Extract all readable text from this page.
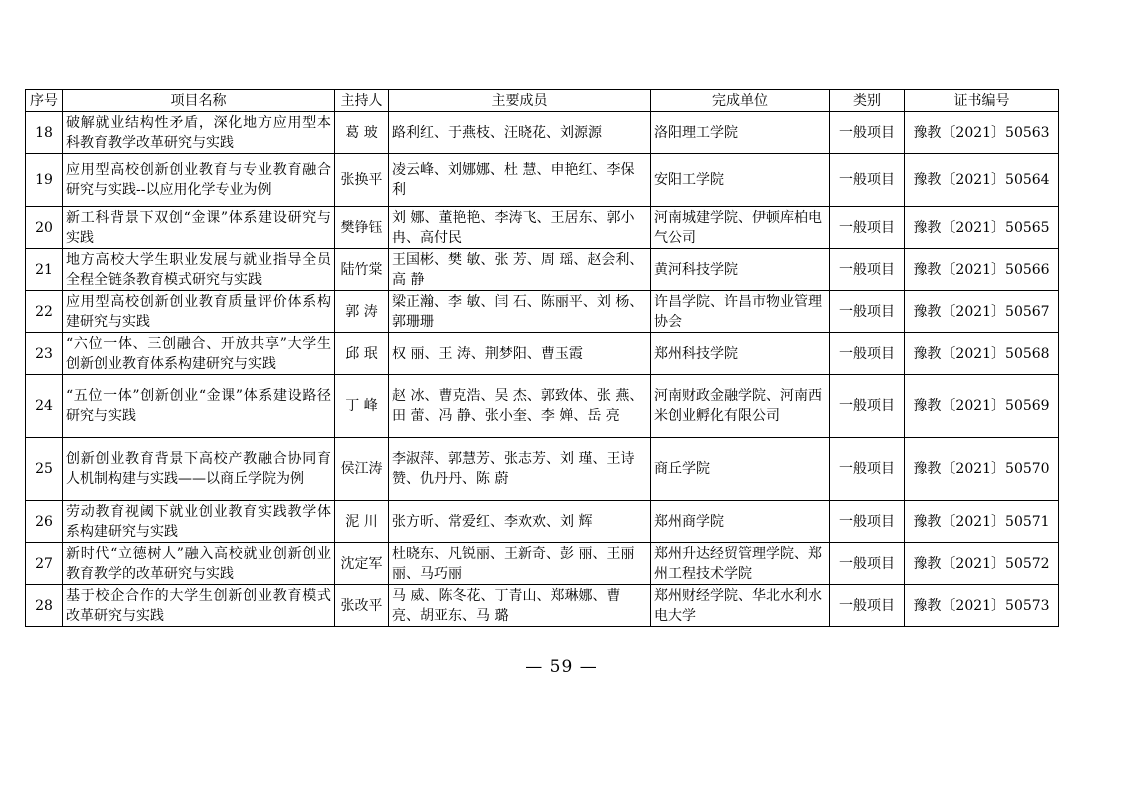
序号	项目名称	主持人	主要成员	完成单位	类别	证书编号
18	破解就业结构性矛盾，深化地方应用型本科教育教学改革研究与实践	葛 玻	路利红、于燕枝、汪晓花、刘源源	洛阳理工学院	一般项目	豫教〔2021〕50563
19	应用型高校创新创业教育与专业教育融合研究与实践--以应用化学专业为例	张换平	凌云峰、刘娜娜、杜 慧、申艳红、李保利	安阳工学院	一般项目	豫教〔2021〕50564
20	新工科背景下双创“金课”体系建设研究与实践	樊铮钰	刘 娜、董艳艳、李涛飞、王居东、郭小冉、高付民	河南城建学院、伊顿库柏电气公司	一般项目	豫教〔2021〕50565
21	地方高校大学生职业发展与就业指导全员全程全链条教育模式研究与实践	陆竹棠	王国彬、樊 敏、张 芳、周 瑶、赵会利、高 静	黄河科技学院	一般项目	豫教〔2021〕50566
22	应用型高校创新创业教育质量评价体系构建研究与实践	郭 涛	梁正瀚、李 敏、闫 石、陈丽平、刘 杨、郭珊珊	许昌学院、许昌市物业管理协会	一般项目	豫教〔2021〕50567
23	“六位一体、三创融合、开放共享”大学生创新创业教育体系构建研究与实践	邱 珉	权 丽、王 涛、荆梦阳、曹玉霞	郑州科技学院	一般项目	豫教〔2021〕50568
24	“五位一体”创新创业“金课”体系建设路径研究与实践	丁 峰	赵 冰、曹克浩、吴 杰、郭致体、张 燕、田 蕾、冯 静、张小奎、李 婵、岳 亮	河南财政金融学院、河南西米创业孵化有限公司	一般项目	豫教〔2021〕50569
25	创新创业教育背景下高校产教融合协同育人机制构建与实践——以商丘学院为例	侯江涛	李淑萍、郭慧芳、张志芳、刘 瑾、王诗赞、仇丹丹、陈 蔚	商丘学院	一般项目	豫教〔2021〕50570
26	劳动教育视阈下就业创业教育实践教学体系构建研究与实践	泥 川	张方昕、常爱红、李欢欢、刘 辉	郑州商学院	一般项目	豫教〔2021〕50571
27	新时代“立德树人”融入高校就业创新创业教育教学的改革研究与实践	沈定军	杜晓东、凡锐丽、王新奇、彭 丽、王丽丽、马巧丽	郑州升达经贸管理学院、郑州工程技术学院	一般项目	豫教〔2021〕50572
28	基于校企合作的大学生创新创业教育模式改革研究与实践	张改平	马 威、陈冬花、丁青山、郑琳娜、曹 亮、胡亚东、马 璐	郑州财经学院、华北水利水电大学	一般项目	豫教〔2021〕50573
— 59 —
